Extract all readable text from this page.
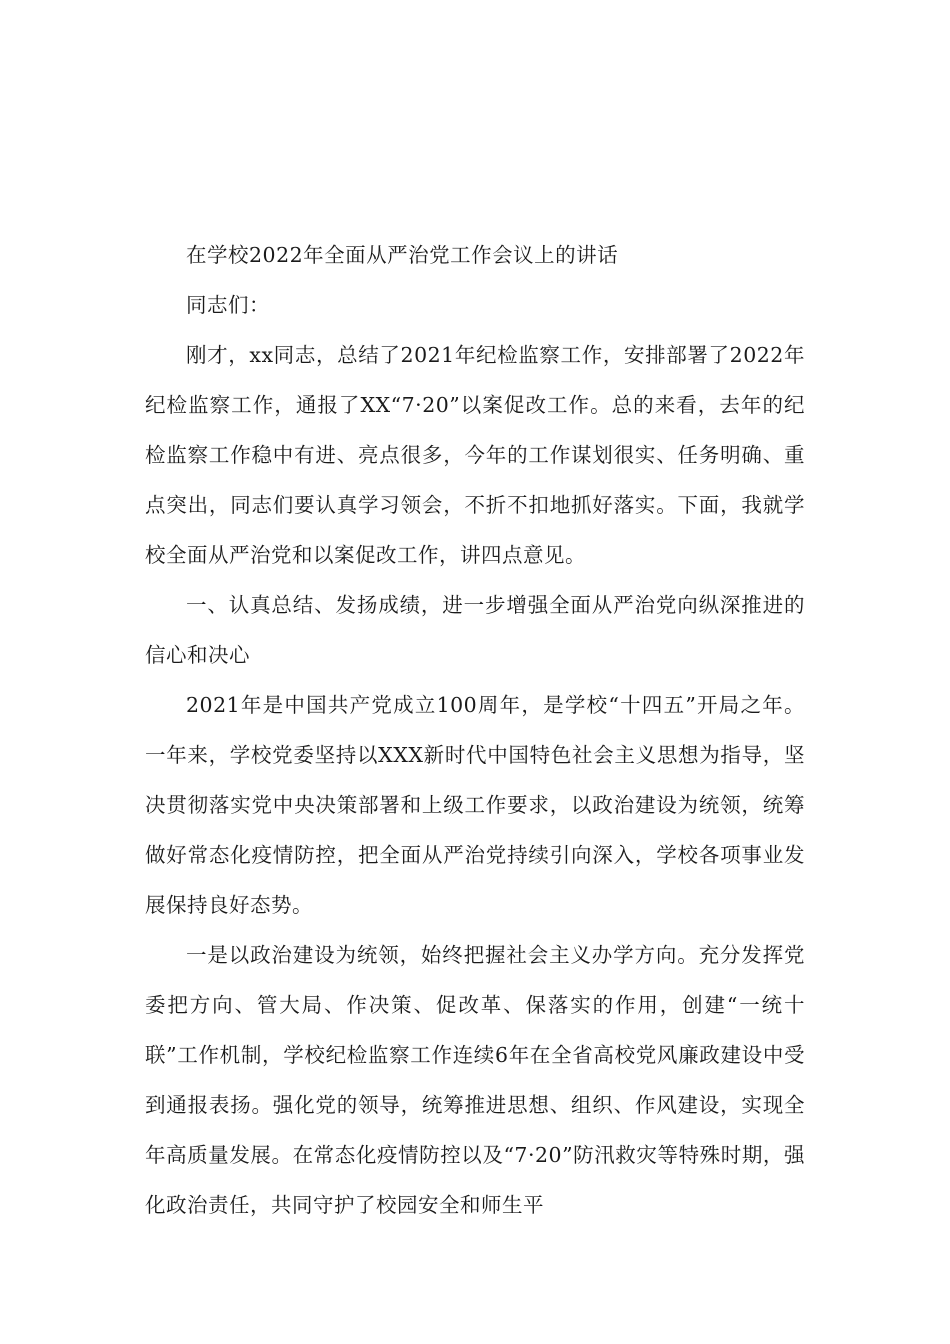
在学校2022年全面从严治党工作会议上的讲话

同志们：

刚才，xx同志，总结了2021年纪检监察工作，安排部署了2022年纪检监察工作，通报了XX“7·20”以案促改工作。总的来看，去年的纪检监察工作稳中有进、亮点很多，今年的工作谋划很实、任务明确、重点突出，同志们要认真学习领会，不折不扣地抓好落实。下面，我就学校全面从严治党和以案促改工作，讲四点意见。

一、认真总结、发扬成绩，进一步增强全面从严治党向纵深推进的信心和决心

2021年是中国共产党成立100周年，是学校“十四五”开局之年。一年来，学校党委坚持以XXX新时代中国特色社会主义思想为指导，坚决贯彻落实党中央决策部署和上级工作要求，以政治建设为统领，统筹做好常态化疫情防控，把全面从严治党持续引向深入，学校各项事业发展保持良好态势。

一是以政治建设为统领，始终把握社会主义办学方向。充分发挥党委把方向、管大局、作决策、促改革、保落实的作用，创建“一统十联”工作机制，学校纪检监察工作连续6年在全省高校党风廉政建设中受到通报表扬。强化党的领导，统筹推进思想、组织、作风建设，实现全年高质量发展。在常态化疫情防控以及“7·20”防汛救灾等特殊时期，强化政治责任，共同守护了校园安全和师生平
